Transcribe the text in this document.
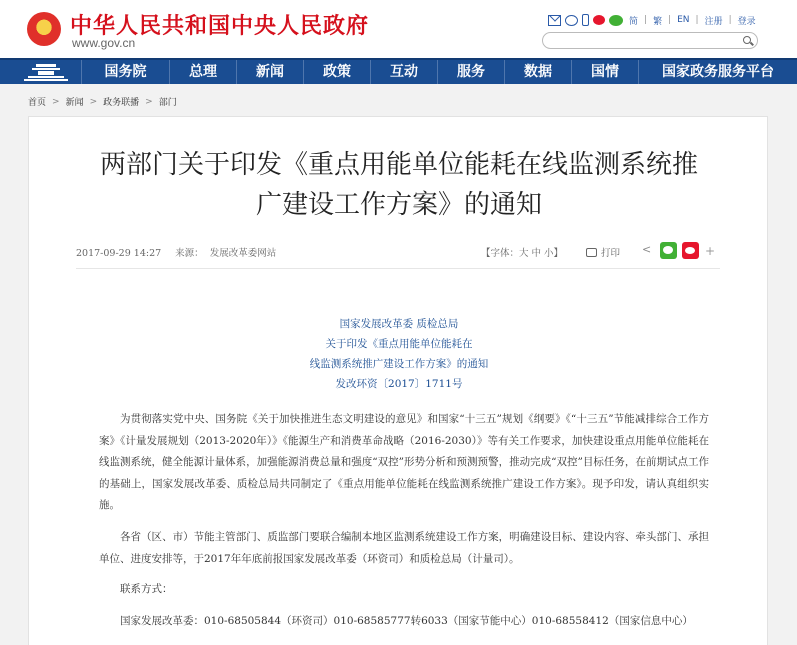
中华人民共和国中央人民政府
www.gov.cn
简 | 繁 | EN | 注册 | 登录
国务院	总理	新闻	政策	互动	服务	数据	国情	国家政务服务平台
首页 > 新闻 > 政务联播 > 部门
两部门关于印发《重点用能单位能耗在线监测系统推
广建设工作方案》的通知
2017-09-29 14:27 来源： 发展改革委网站	【字体：大 中 小】	打印
<	+
国家发展改革委 质检总局
关于印发《重点用能单位能耗在
线监测系统推广建设工作方案》的通知
发改环资〔2017〕1711号

为贯彻落实党中央、国务院《关于加快推进生态文明建设的意见》和国家“十三五”规划《纲要》《“十三五”节能减排综合工作方案》《计量发展规划（2013-2020年）》《能源生产和消费革命战略（2016-2030）》等有关工作要求，加快建设重点用能单位能耗在线监测系统，健全能源计量体系，加强能源消费总量和强度“双控”形势分析和预测预警，推动完成“双控”目标任务，在前期试点工作的基础上，国家发展改革委、质检总局共同制定了《重点用能单位能耗在线监测系统推广建设工作方案》。现予印发，请认真组织实施。

各省（区、市）节能主管部门、质监部门要联合编制本地区监测系统建设工作方案，明确建设目标、建设内容、牵头部门、承担单位、进度安排等，于2017年年底前报国家发展改革委（环资司）和质检总局（计量司）。

联系方式：

国家发展改革委：010-68505844（环资司）010-68585777转6033（国家节能中心）010-68558412（国家信息中心）
